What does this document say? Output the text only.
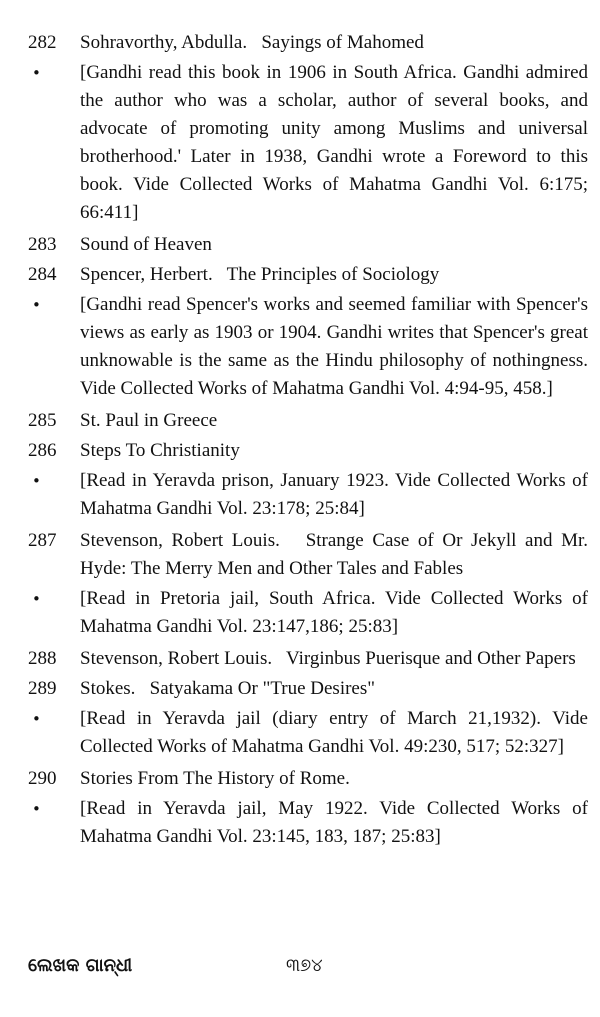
282	Sohravorthy, Abdulla.   Sayings of Mahomed
•	[Gandhi read this book in 1906 in South Africa. Gandhi admired the author who was a scholar, author of several books, and advocate of promoting unity among Muslims and universal brotherhood.' Later in 1938, Gandhi wrote a Foreword to this book. Vide Collected Works of Mahatma Gandhi Vol. 6:175; 66:411]
283	Sound of Heaven
284	Spencer, Herbert.   The Principles of Sociology
•	[Gandhi read Spencer's works and seemed familiar with Spencer's views as early as 1903 or 1904. Gandhi writes that Spencer's great unknowable is the same as the Hindu philosophy of nothingness. Vide Collected Works of Mahatma Gandhi Vol. 4:94-95, 458.]
285	St. Paul in Greece
286	Steps To Christianity
•	[Read in Yeravda prison, January 1923. Vide Collected Works of Mahatma Gandhi Vol. 23:178; 25:84]
287	Stevenson, Robert Louis.   Strange Case of Or Jekyll and Mr. Hyde: The Merry Men and Other Tales and Fables
•	[Read in Pretoria jail, South Africa. Vide Collected Works of Mahatma Gandhi Vol. 23:147,186; 25:83]
288	Stevenson, Robert Louis.   Virginbus Puerisque and Other Papers
289	Stokes.   Satyakama Or "True Desires"
•	[Read in Yeravda jail (diary entry of March 21,1932). Vide Collected Works of Mahatma Gandhi Vol. 49:230, 517; 52:327]
290	Stories From The History of Rome.
•	[Read in Yeravda jail, May 1922. Vide Collected Works of Mahatma Gandhi Vol. 23:145, 183, 187; 25:83]
ଲେଖକ ଗାନ୍ଧୀ	୩୭୪
